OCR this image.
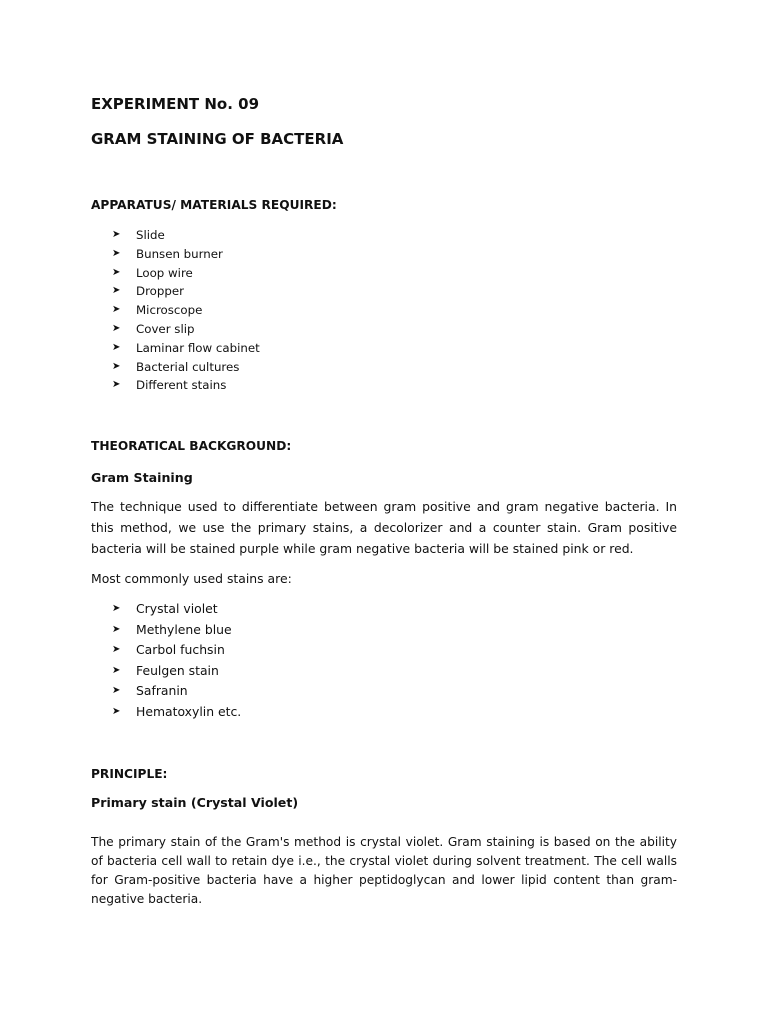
EXPERIMENT No. 09
GRAM STAINING OF BACTERIA
APPARATUS/ MATERIALS REQUIRED:
➤ Slide
➤ Bunsen burner
➤ Loop wire
➤ Dropper
➤ Microscope
➤ Cover slip
➤ Laminar flow cabinet
➤ Bacterial cultures
➤ Different stains
THEORATICAL BACKGROUND:
Gram Staining

The technique used to differentiate between gram positive and gram negative bacteria. In this method, we use the primary stains, a decolorizer and a counter stain. Gram positive bacteria will be stained purple while gram negative bacteria will be stained pink or red.

Most commonly used stains are:

➤ Crystal violet
➤ Methylene blue
➤ Carbol fuchsin
➤ Feulgen stain
➤ Safranin
➤ Hematoxylin etc.
PRINCIPLE:
Primary stain (Crystal Violet)

The primary stain of the Gram's method is crystal violet. Gram staining is based on the ability of bacteria cell wall to retain dye i.e., the crystal violet during solvent treatment. The cell walls for Gram-positive bacteria have a higher peptidoglycan and lower lipid content than gram-negative bacteria.
